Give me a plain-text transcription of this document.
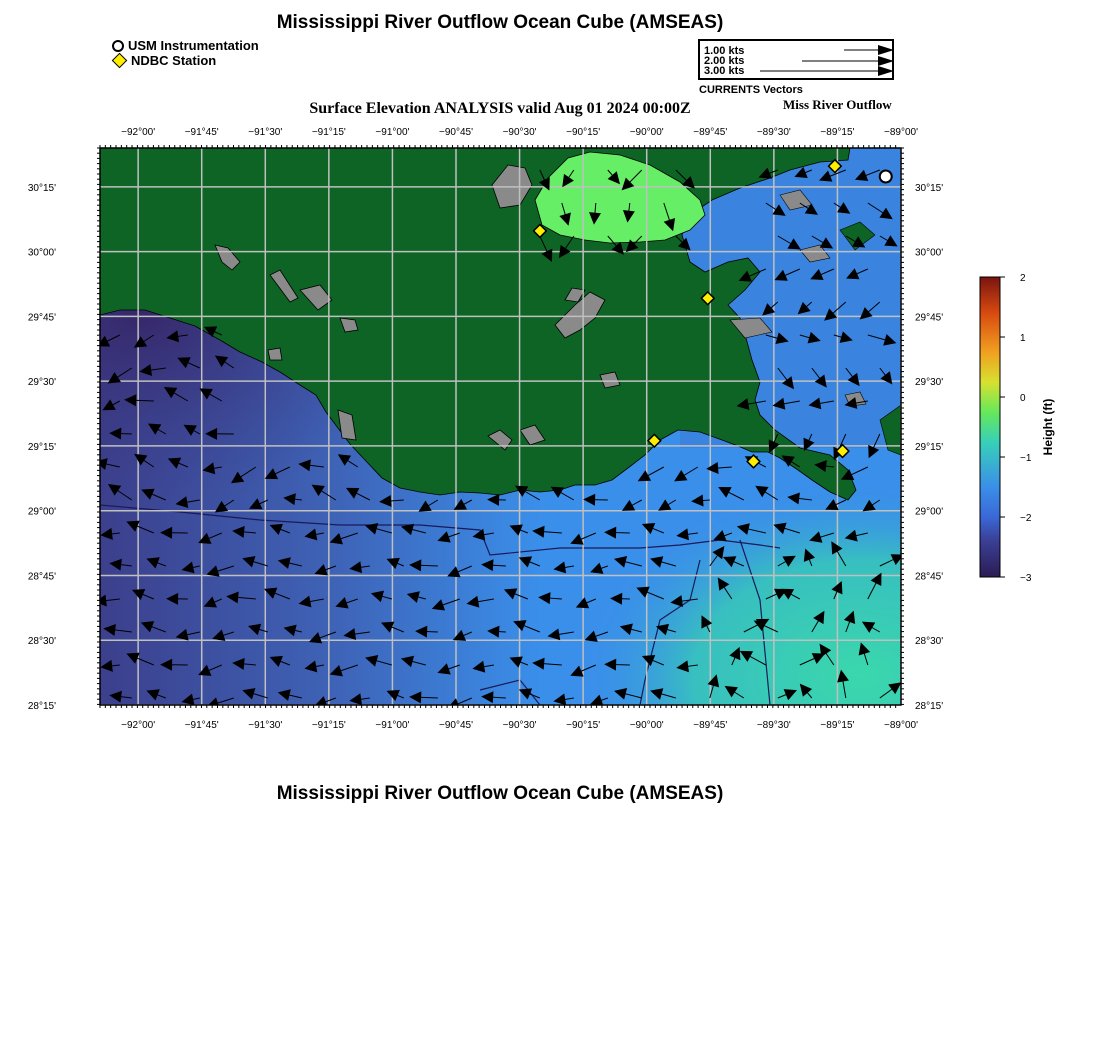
Mississippi River Outflow Ocean Cube (AMSEAS)
USM Instrumentation
NDBC Station
1.00 kts
2.00 kts
3.00 kts
CURRENTS Vectors
Surface Elevation ANALYSIS valid Aug 01 2024 00:00Z	Miss River Outflow
−92°00'	−91°45'	−91°30'	−91°15'	−91°00'	−90°45'	−90°30'	−90°15'	−90°00'	−89°45'	−89°30'	−89°15'	−89°00'
−92°00'	−91°45'	−91°30'	−91°15'	−91°00'	−90°45'	−90°30'	−90°15'	−90°00'	−89°45'	−89°30'	−89°15'	−89°00'
30°15'
30°00'
29°45'
29°30'
29°15'
29°00'
28°45'
28°30'
28°15'
30°15'
30°00'
29°45'
29°30'
29°15'
29°00'
28°45'
28°30'
28°15'
2
1
0
−1
−2
−3
Height (ft)
Mississippi River Outflow Ocean Cube (AMSEAS)
